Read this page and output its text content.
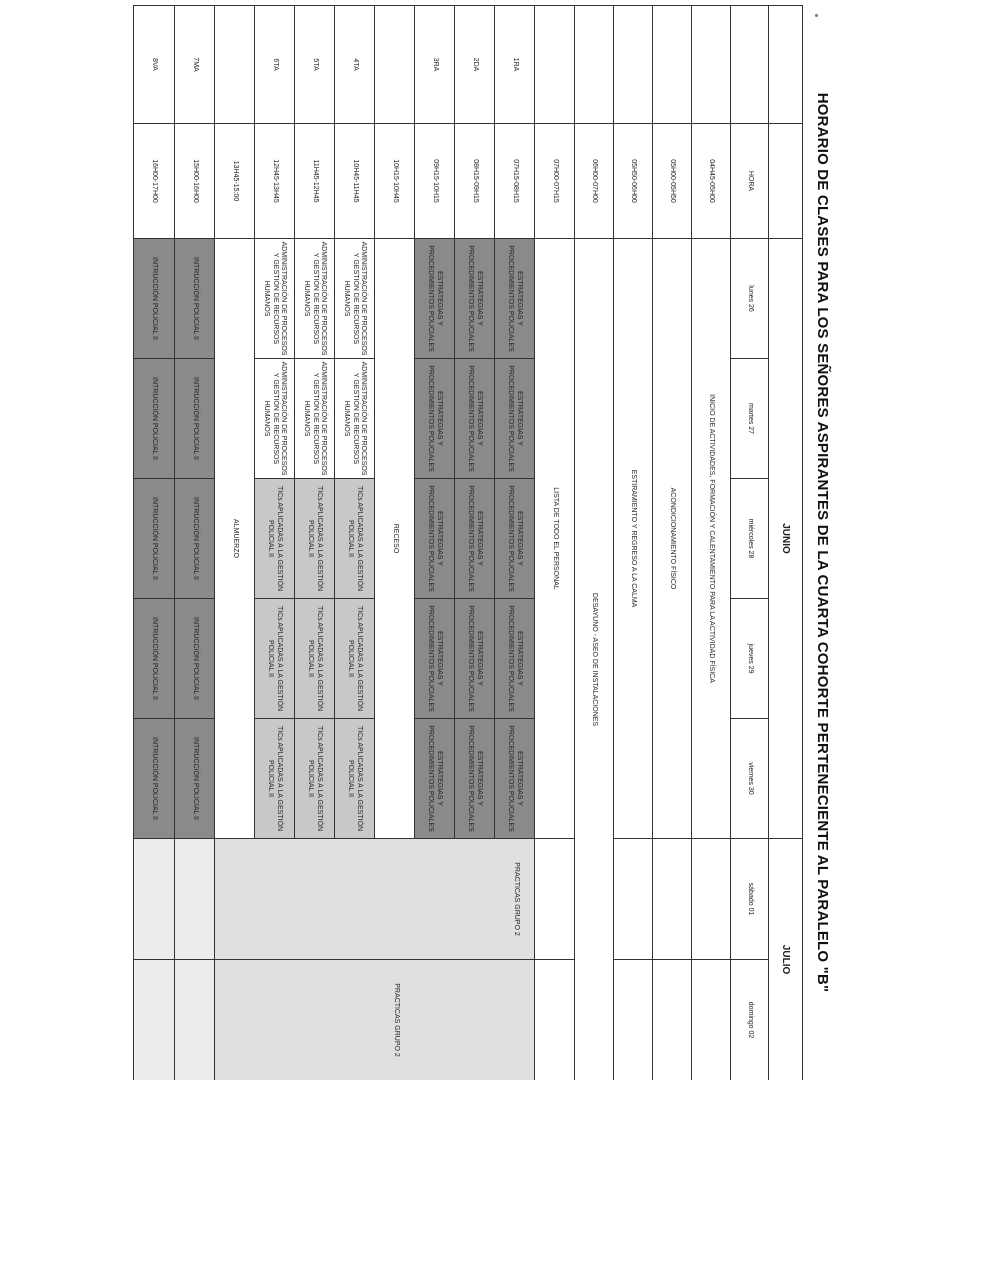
HORARIO DE CLASES PARA LOS SEÑORES ASPIRANTES DE LA CUARTA COHORTE PERTENECIENTE AL PARALELO "B"
		JUNIO					JULIO	
	HORA	lunes 26	martes 27	miércoles 28	jueves 29	viernes 30	sábado 01	domingo 02
	04H45-05H00	INICIO DE ACTIVIDADES, FORMACIÓN Y CALENTAMIENTO PARA LA ACTIVIDAD FÍSICA						
	05H00-05H50	ACONDICIONAMIENTO FÍSICO						
	05H50-06H00	ESTIRAMIENTO Y REGRESO A LA CALMA						
	06H00-07H00	DESAYUNO - ASEO DE INSTALACIONES						
	07H00-07H15	LISTA DE TODO EL PERSONAL						
1RA	07H15-08H15	ESTRATEGIAS Y PROCEDIMIENTOS POLICIALES	ESTRATEGIAS Y PROCEDIMIENTOS POLICIALES	ESTRATEGIAS Y PROCEDIMIENTOS POLICIALES	ESTRATEGIAS Y PROCEDIMIENTOS POLICIALES	ESTRATEGIAS Y PROCEDIMIENTOS POLICIALES	PRACTICAS GRUPO 2	PRACTICAS GRUPO 2

2DA	08H15-09H15	ESTRATEGIAS Y PROCEDIMIENTOS POLICIALES	ESTRATEGIAS Y PROCEDIMIENTOS POLICIALES	ESTRATEGIAS Y PROCEDIMIENTOS POLICIALES	ESTRATEGIAS Y PROCEDIMIENTOS POLICIALES	ESTRATEGIAS Y PROCEDIMIENTOS POLICIALES		
3RA	09H15-10H15	ESTRATEGIAS Y PROCEDIMIENTOS POLICIALES	ESTRATEGIAS Y PROCEDIMIENTOS POLICIALES	ESTRATEGIAS Y PROCEDIMIENTOS POLICIALES	ESTRATEGIAS Y PROCEDIMIENTOS POLICIALES	ESTRATEGIAS Y PROCEDIMIENTOS POLICIALES		
	10H15-10H45	RECESO						
4TA	10H45-11H45	ADMINISTRACIÓN DE PROCESOS Y GESTIÓN DE RECURSOS HUMANOS	ADMINISTRACIÓN DE PROCESOS Y GESTIÓN DE RECURSOS HUMANOS	TICs APLICADAS A LA GESTIÓN POLICIAL II	TICs APLICADAS A LA GESTIÓN POLICIAL II	TICs APLICADAS A LA GESTIÓN POLICIAL II		
5TA	11H45-12H45	ADMINISTRACIÓN DE PROCESOS Y GESTIÓN DE RECURSOS HUMANOS	ADMINISTRACIÓN DE PROCESOS Y GESTIÓN DE RECURSOS HUMANOS	TICs APLICADAS A LA GESTIÓN POLICIAL II	TICs APLICADAS A LA GESTIÓN POLICIAL II	TICs APLICADAS A LA GESTIÓN POLICIAL II		
6TA	12H45-13H45	ADMINISTRACIÓN DE PROCESOS Y GESTIÓN DE RECURSOS HUMANOS	ADMINISTRACIÓN DE PROCESOS Y GESTIÓN DE RECURSOS HUMANOS	TICs APLICADAS A LA GESTIÓN POLICIAL II	TICs APLICADAS A LA GESTIÓN POLICIAL II	TICs APLICADAS A LA GESTIÓN POLICIAL II		
	13H45-15:00	ALMUERZO						
7MA	15H00-16H00	INTRUCCIÓN POLICIAL II	INTRUCCIÓN POLICIAL II	INTRUCCIÓN POLICIAL II	INTRUCCIÓN POLICIAL II	INTRUCCIÓN POLICIAL II		
8VA	16H00-17H00	INTRUCCIÓN POLICIAL II	INTRUCCIÓN POLICIAL II	INTRUCCIÓN POLICIAL II	INTRUCCIÓN POLICIAL II	INTRUCCIÓN POLICIAL II		
